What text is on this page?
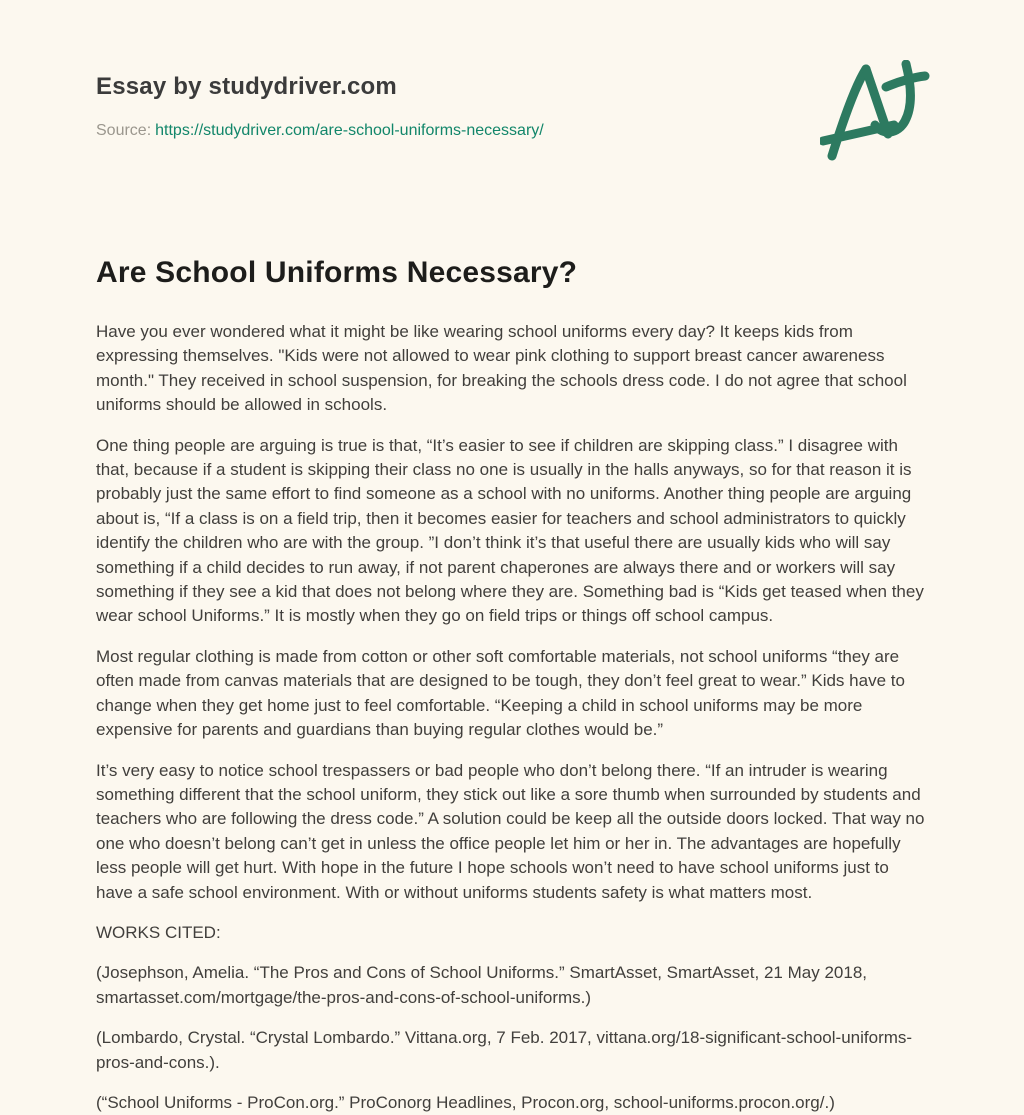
Essay by studydriver.com
Source: https://studydriver.com/are-school-uniforms-necessary/
Are School Uniforms Necessary?

Have you ever wondered what it might be like wearing school uniforms every day? It keeps kids from expressing themselves. "Kids were not allowed to wear pink clothing to support breast cancer awareness month." They received in school suspension, for breaking the schools dress code. I do not agree that school uniforms should be allowed in schools.

One thing people are arguing is true is that, “It’s easier to see if children are skipping class.” I disagree with that, because if a student is skipping their class no one is usually in the halls anyways, so for that reason it is probably just the same effort to find someone as a school with no uniforms. Another thing people are arguing about is, “If a class is on a field trip, then it becomes easier for teachers and school administrators to quickly identify the children who are with the group. ”I don’t think it’s that useful there are usually kids who will say something if a child decides to run away, if not parent chaperones are always there and or workers will say something if they see a kid that does not belong where they are. Something bad is “Kids get teased when they wear school Uniforms.” It is mostly when they go on field trips or things off school campus.

Most regular clothing is made from cotton or other soft comfortable materials, not school uniforms “they are often made from canvas materials that are designed to be tough, they don’t feel great to wear.” Kids have to change when they get home just to feel comfortable. “Keeping a child in school uniforms may be more expensive for parents and guardians than buying regular clothes would be.”

It’s very easy to notice school trespassers or bad people who don’t belong there. “If an intruder is wearing something different that the school uniform, they stick out like a sore thumb when surrounded by students and teachers who are following the dress code.” A solution could be keep all the outside doors locked. That way no one who doesn’t belong can’t get in unless the office people let him or her in. The advantages are hopefully less people will get hurt. With hope in the future I hope schools won’t need to have school uniforms just to have a safe school environment. With or without uniforms students safety is what matters most.

WORKS CITED:

(Josephson, Amelia. “The Pros and Cons of School Uniforms.” SmartAsset, SmartAsset, 21 May 2018, smartasset.com/mortgage/the-pros-and-cons-of-school-uniforms.)

(Lombardo, Crystal. “Crystal Lombardo.” Vittana.org, 7 Feb. 2017, vittana.org/18-significant-school-uniforms-pros-and-cons.).

(“School Uniforms - ProCon.org.” ProConorg Headlines, Procon.org, school-uniforms.procon.org/.)
